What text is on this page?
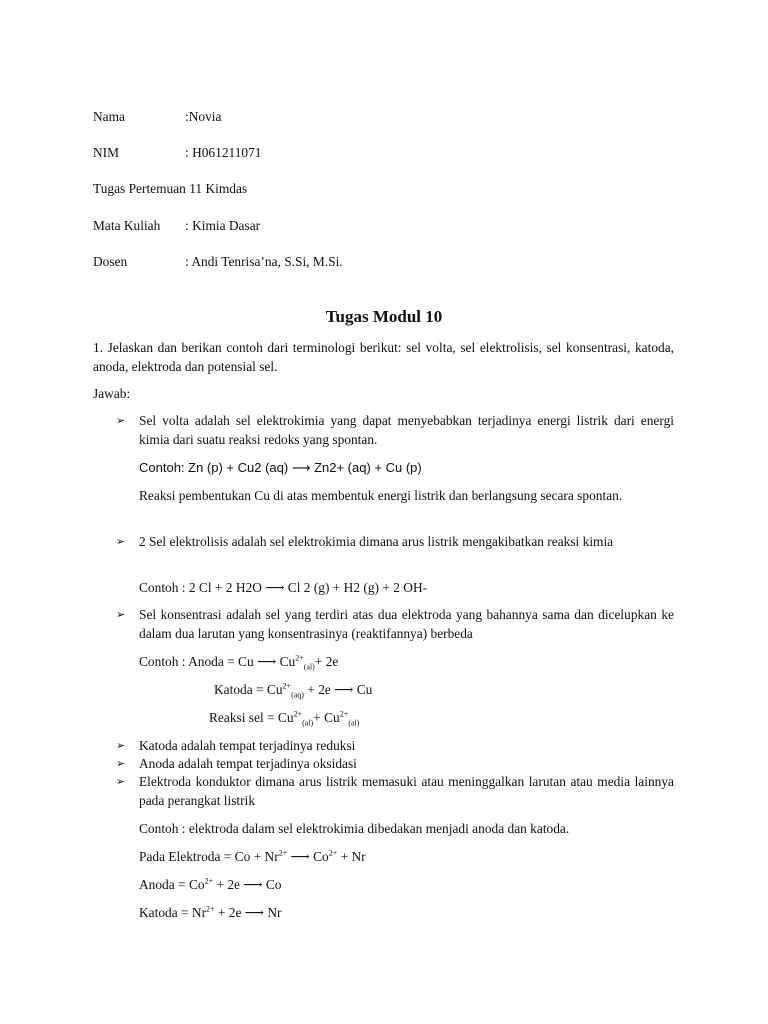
Nama	:Novia
NIM	: H061211071
Tugas Pertemuan 11 Kimdas
Mata Kuliah : Kimia Dasar
Dosen	: Andi Tenrisa’na, S.Si, M.Si.
Tugas Modul 10
1. Jelaskan dan berikan contoh dari terminologi berikut: sel volta, sel elektrolisis, sel konsentrasi, katoda, anoda, elektroda dan potensial sel.
Jawab:
➢ Sel volta adalah sel elektrokimia yang dapat menyebabkan terjadinya energi listrik dari energi kimia dari suatu reaksi redoks yang spontan.
Contoh: Zn (p) + Cu2 (aq) ⟶ Zn2+ (aq) + Cu (p)
Reaksi pembentukan Cu di atas membentuk energi listrik dan berlangsung secara spontan.
➢ 2 Sel elektrolisis adalah sel elektrokimia dimana arus listrik mengakibatkan reaksi kimia
Contoh : 2 Cl + 2 H2O ⟶ Cl 2 (g) + H2 (g) + 2 OH-
➢ Sel konsentrasi adalah sel yang terdiri atas dua elektroda yang bahannya sama dan dicelupkan ke dalam dua larutan yang konsentrasinya (reaktifannya) berbeda
Contoh : Anoda = Cu ⟶ $Cu^{2+}_{(al)}+ 2e$
Katoda = $Cu^{2+}_{(aq)} + 2e$ ⟶ Cu
Reaksi sel = $Cu^{2+}_{(al)}+ Cu^{2+}_{(al)}$
➢ Katoda adalah tempat terjadinya reduksi
➢ Anoda adalah tempat terjadinya oksidasi
➢ Elektroda konduktor dimana arus listrik memasuki atau meninggalkan larutan atau media lainnya pada perangkat listrik
Contoh : elektroda dalam sel elektrokimia dibedakan menjadi anoda dan katoda.
Pada Elektroda = $Co + Nr^{2+}$ ⟶ $Co^{2+} + Nr$
Anoda = $Co^{2+} + 2e$ ⟶ Co
Katoda = $Nr^{2+} + 2e$ ⟶ Nr
